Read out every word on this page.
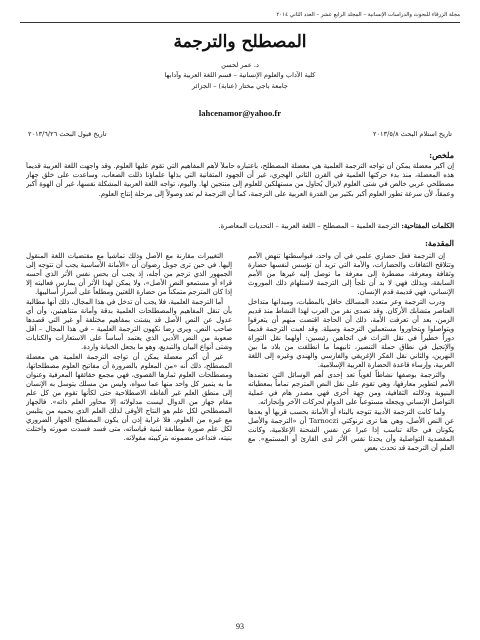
مجلة الزرقاء للبحوث والدراسات الإنسانية – المجلد الرابع عشر – العدد الثاني ٢٠١٤
المصطلح والترجمة
د. عمر لحسن
كلية الآداب والعلوم الإنسانية – قسم اللغة العربية وآدابها
جامعة باجي مختار (عنابة) – الجزائر
lahcenamor@yahoo.fr
تاريخ استلام البحث ٢٠١٣/٥/٨
تاريخ قبول البحث ٢٠١٣/٦/٢٦
ملخص:
إن أكبر معضلة يمكن أن تواجه الترجمة العلمية هي معضلة المصطلح، باعتباره حاملاً لأهم المفاهيم التي تقوم عليها العلوم. وقد واجهت اللغة العربية قديماً هذه المعضلة، منذ بدء حركتها العلمية في القرن الثاني الهجري، غير أن الجهود المتفانية التي بذلها علماؤنا ذللت الصعاب، وساعدت على خلق جهاز مصطلحي عربي خالص في شتى العلوم لايزال يُحاول من مستهلكين للعلوم إلى منتجين لها. واليوم، تواجه اللغة العربية المشكلة نفسها، غير أن الهوة أكبر وعمقاً، لأن سرعة تطور العلوم أكبر بكثير من القدرة العربية على الترجمة، كما أن الترجمة لم تعد وصولاً إلى مرحلة إنتاج العلوم.
الكلمات المفتاحية: الترجمة العلمية – المصطلح – اللغة العربية – التحديات المعاصرة.
المقدمة:

إن الترجمة فعل حضاري علمي في آن واحد، فبواسطتها تنهض الأمم وتتلاقح الثقافات والحضارات، والأمة التي تريد أن تؤسس لنفسها حضارة وثقافة ومعرفة، مضطرة إلى معرفة ما توصل إليه غيرها من الأمم السابقة، وبذلك فهي لا بد أن تلجأ إلى الترجمة لاستلهام ذلك الموروث الإنساني، فهي قديمة قدم الإنسان.

ودرب الترجمة وعر متعدد المسالك حافل بالمطبات، وميدانها متداخل العناصر متشابك الأركان. وقد تصدى نفر من العرب لهذا النشاط منذ قديم الزمن، بعد أن تعرفت الأمة، ذلك أن الحاجة اقتضت منهم أن يتعرفوا ويتواصلوا ويتحاوروا مستعملين الترجمة وسيلة. وقد لعبت الترجمة قديماً دوراً خطيراً في نقل التراث في اتجاهين رئيسين: أولهما نقل التوراة والإنجيل في نطاق حملة التنصير، ثانيهما ما انطلقت من بلاد ما بين النهرين، والثاني نقل الفكر الإغريقي والفارسي والهندي وغيره إلى اللغة العربية، وإرساء قاعدة الحضارة العربية الإسلامية.

والترجمة بوصفها نشاطاً لغوياً تعد إحدى أهم الوسائل التي تعتمدها الأمم لتطوير معارفها، وهي تقوم على نقل النص المترجم تماماً بمعطياته البنيوية ودلالته الثقافية، ومن جهة أخرى فهي مصدر هام في عملية التواصل الإنساني ويجعله مستوعباً على الدوام لحركات الآخر وإنجازاته.

ولما كانت الترجمة الأدبية تتوجه بالبناء أو الأمانة بحسب قربها أو بعدها عن النص الأصل، وهي هنا ترى ترنوكتي Tarnoczi أن «الترجمة والأصل يكونان في حالة تناسب إذا عبرا عن نفس الشحنة الإعلامية، وكانت المقصدية التواصلية وأن يحدثا نفس الأثر لدى القارئ أو المستمع». مع العلم أن الترجمة قد تحدث بعض

التغييرات مقارنة مع الأصل وذلك تماشياً مع مقتضيات اللغة المنقول إليها. في حين ترى جوبل رضوان أن «الأمانة الأساسية يجب أن تتوجه إلى الجمهور الذي ترجم من أجله، إذ يجب أن يحس نفس الأثر الذي أحسه قراء أو مستمعو النص الأصل»، ولا يمكن لهذا الأثر أن يمارس فعاليته إلا إذا كان المترجم متمكناً من حضارة اللغتين ومطلعاً على أسرار أساليبها.

أما الترجمة العلمية، فلا يجب أن تدخل في هذا المجال، ذلك أنها مطالبة بأن تنقل المفاهيم والمصطلحات العلمية بدقة وأمانة متناهيتين، وأن أي عدول عن النص الأصل قد يشتت بمفاهيم مختلفة أو غير التي قصدها صاحب النص. ويرى رضا نكهون الترجمة العلمية – في هذا المجال – أقل صعوبة من النص الأدبي الذي يعتمد أساساً على الاستعارات والكنايات وشتى أنواع البيان والتبديع، وهو ما يجعل الخيانة واردة.

غير أن أكبر معضلة يمكن أن تواجه الترجمة العلمية هي معضلة المصطلح، ذلك أنه «من المعلوم بالضرورة أن مفاتيح العلوم مصطلحاتها، ومصطلحات العلوم ثمارها القصوى، فهي مجمع حقائقها المعرفية وعنوان ما به يتميز كل واحد منها عما سواه، وليس من مسلك يتوسل به الإنسان إلى منطق العلم غير ألفاظه الاصطلاحية حتى لكأنها تقوم من كل علم مقام جهاز من الدوال ليست مدلولاته إلا محاور العلم ذاته». فالجهاز المصطلحي لكل علم هو النتاج الأوفى لذلك العلم الذي يحميه من يتلبس مع غيره من العلوم، فلا غرابة إذن أن يكون المصطلح الجهاز الضروري لكل علم صورة مطابقة لبنية قياساته، متى فسد فسدت صورته واختلت بنيته، فتداعى مضمونه بتركيبته مقولاته.

93
